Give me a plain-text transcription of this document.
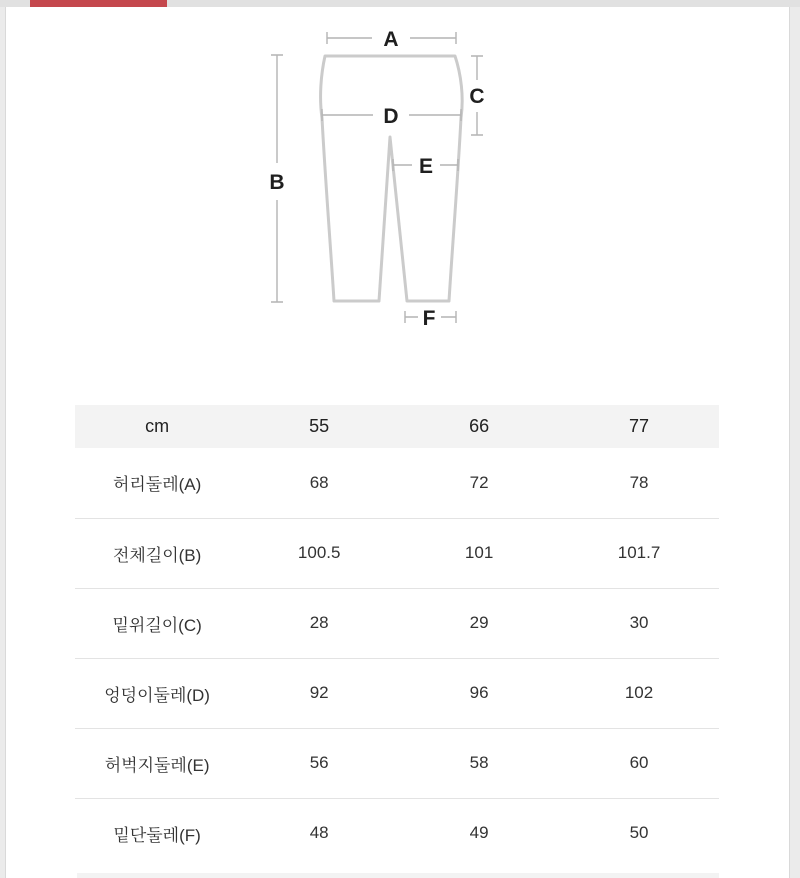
A
B
C
D
E
F
cm	55	66	77
허리둘레(A)	68	72	78
전체길이(B)	100.5	101	101.7
밑위길이(C)	28	29	30
엉덩이둘레(D)	92	96	102
허벅지둘레(E)	56	58	60
밑단둘레(F)	48	49	50
